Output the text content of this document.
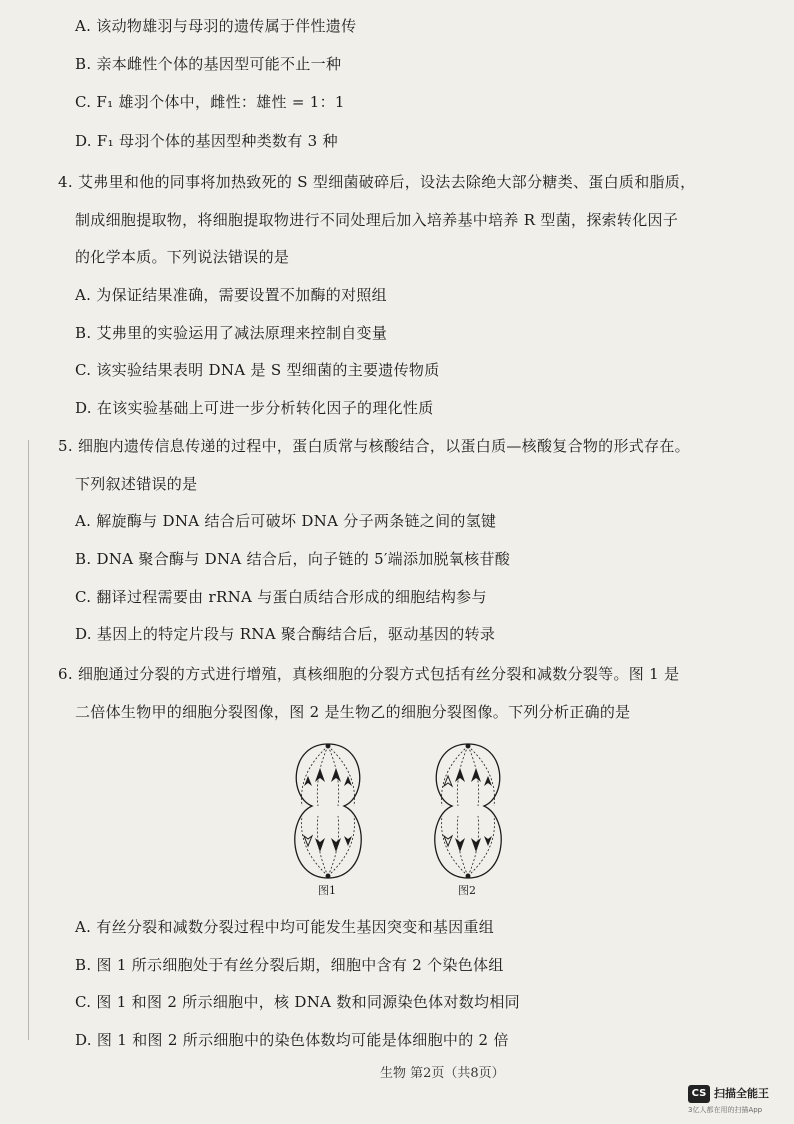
A. 该动物雄羽与母羽的遗传属于伴性遗传
B. 亲本雌性个体的基因型可能不止一种
C. F₁ 雄羽个体中，雌性：雄性 = 1：1
D. F₁ 母羽个体的基因型种类数有 3 种
4. 艾弗里和他的同事将加热致死的 S 型细菌破碎后，设法去除绝大部分糖类、蛋白质和脂质，
制成细胞提取物，将细胞提取物进行不同处理后加入培养基中培养 R 型菌，探索转化因子
的化学本质。下列说法错误的是
A. 为保证结果准确，需要设置不加酶的对照组
B. 艾弗里的实验运用了减法原理来控制自变量
C. 该实验结果表明 DNA 是 S 型细菌的主要遗传物质
D. 在该实验基础上可进一步分析转化因子的理化性质
5. 细胞内遗传信息传递的过程中，蛋白质常与核酸结合，以蛋白质—核酸复合物的形式存在。
下列叙述错误的是
A. 解旋酶与 DNA 结合后可破坏 DNA 分子两条链之间的氢键
B. DNA 聚合酶与 DNA 结合后，向子链的 5′端添加脱氧核苷酸
C. 翻译过程需要由 rRNA 与蛋白质结合形成的细胞结构参与
D. 基因上的特定片段与 RNA 聚合酶结合后，驱动基因的转录
6. 细胞通过分裂的方式进行增殖，真核细胞的分裂方式包括有丝分裂和减数分裂等。图 1 是
二倍体生物甲的细胞分裂图像，图 2 是生物乙的细胞分裂图像。下列分析正确的是
图1	图2
A. 有丝分裂和减数分裂过程中均可能发生基因突变和基因重组
B. 图 1 所示细胞处于有丝分裂后期，细胞中含有 2 个染色体组
C. 图 1 和图 2 所示细胞中，核 DNA 数和同源染色体对数均相同
D. 图 1 和图 2 所示细胞中的染色体数均可能是体细胞中的 2 倍
生物 第2页（共8页）
CS 扫描全能王
3亿人都在用的扫描App
